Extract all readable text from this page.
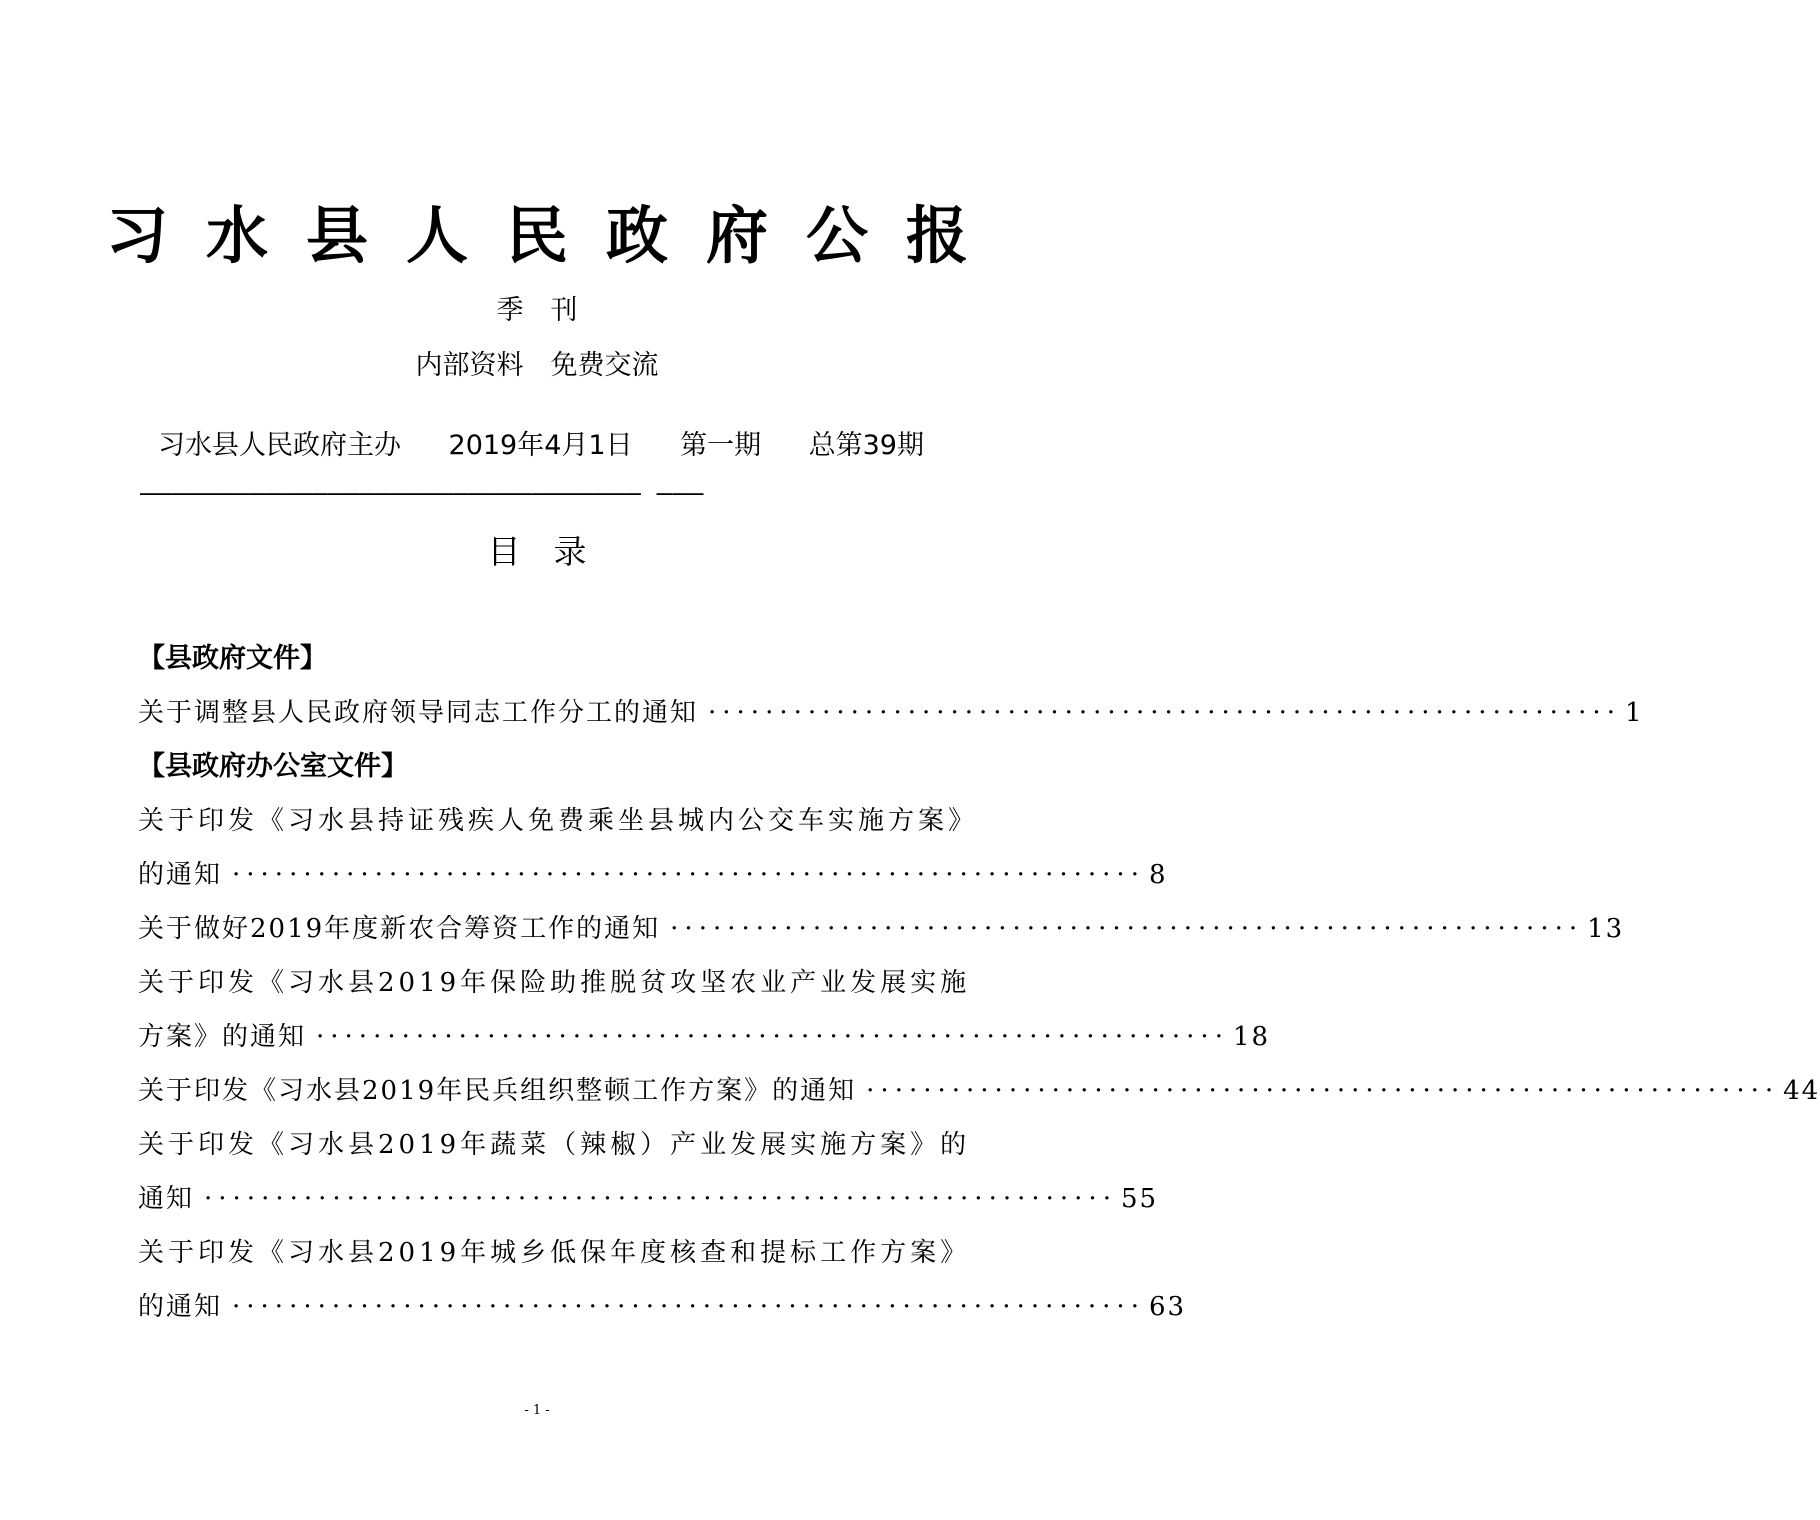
习水县人民政府公报
季　刊
内部资料　免费交流
习水县人民政府主办 2019年4月1日 第一期 总第39期
———————————————————————————————— ———
目　录
【县政府文件】
关于调整县人民政府领导同志工作分工的通知 ································································ 1
【县政府办公室文件】
关于印发《习水县持证残疾人免费乘坐县城内公交车实施方案》
的通知 ································································ 8
关于做好2019年度新农合筹资工作的通知 ································································ 13
关于印发《习水县2019年保险助推脱贫攻坚农业产业发展实施
方案》的通知 ································································ 18
关于印发《习水县2019年民兵组织整顿工作方案》的通知 ································································ 44
关于印发《习水县2019年蔬菜（辣椒）产业发展实施方案》的
通知 ································································ 55
关于印发《习水县2019年城乡低保年度核查和提标工作方案》
的通知 ································································ 63
- 1 -
